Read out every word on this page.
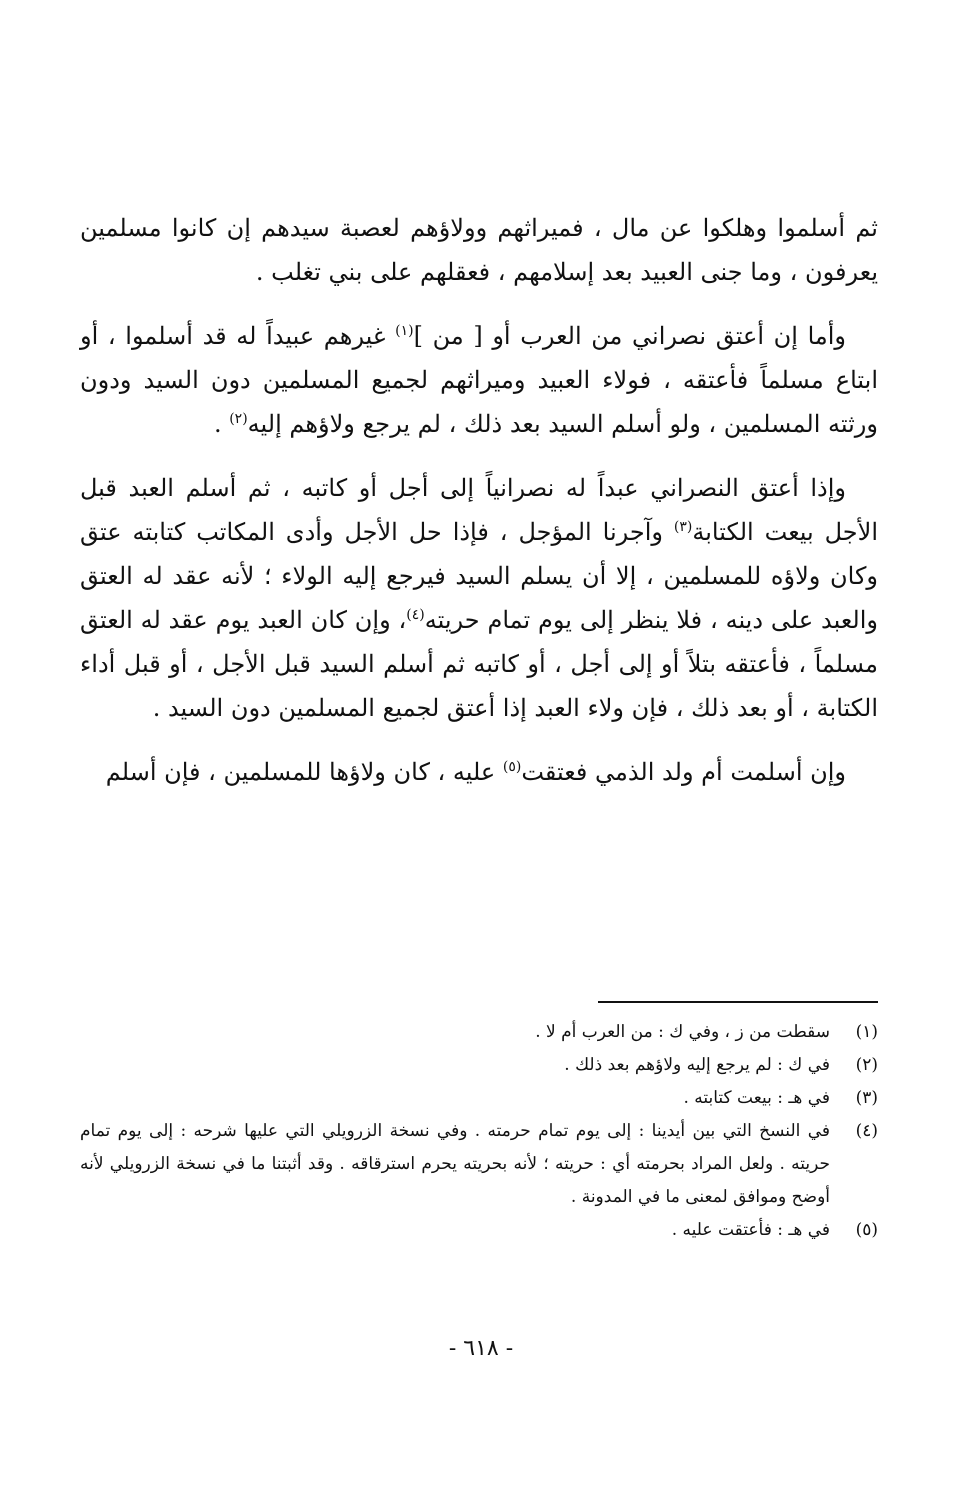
ثم أسلموا وهلكوا عن مال ، فميراثهم وولاؤهم لعصبة سيدهم إن كانوا مسلمين يعرفون ، وما جنى العبيد بعد إسلامهم ، فعقلهم على بني تغلب .

وأما إن أعتق نصراني من العرب أو [ من ]$^{(١)}$ غيرهم عبيداً له قد أسلموا ، أو ابتاع مسلماً فأعتقه ، فولاء العبيد وميراثهم لجميع المسلمين دون السيد ودون ورثته المسلمين ، ولو أسلم السيد بعد ذلك ، لم يرجع ولاؤهم إليه$^{(٢)}$ .

وإذا أعتق النصراني عبداً له نصرانياً إلى أجل أو كاتبه ، ثم أسلم العبد قبل الأجل بيعت الكتابة$^{(٣)}$ وآجرنا المؤجل ، فإذا حل الأجل وأدى المكاتب كتابته عتق وكان ولاؤه للمسلمين ، إلا أن يسلم السيد فيرجع إليه الولاء ؛ لأنه عقد له العتق والعبد على دينه ، فلا ينظر إلى يوم تمام حريته$^{(٤)}$، وإن كان العبد يوم عقد له العتق مسلماً ، فأعتقه بتلاً أو إلى أجل ، أو كاتبه ثم أسلم السيد قبل الأجل ، أو قبل أداء الكتابة ، أو بعد ذلك ، فإن ولاء العبد إذا أعتق لجميع المسلمين دون السيد .

وإن أسلمت أم ولد الذمي فعتقت$^{(٥)}$ عليه ، كان ولاؤها للمسلمين ، فإن أسلم

(١)
سقطت من ز ، وفي ك : من العرب أم لا .
(٢)
في ك : لم يرجع إليه ولاؤهم بعد ذلك .
(٣)
في هـ : بيعت كتابته .
(٤)
في النسخ التي بين أيدينا : إلى يوم تمام حرمته . وفي نسخة الزرويلي التي عليها شرحه : إلى يوم تمام حريته . ولعل المراد بحرمته أي : حريته ؛ لأنه بحريته يحرم استرقاقه . وقد أثبتنا ما في نسخة الزرويلي لأنه أوضح وموافق لمعنى ما في المدونة .
(٥)
في هـ : فأعتقت عليه .
- ٦١٨ -
